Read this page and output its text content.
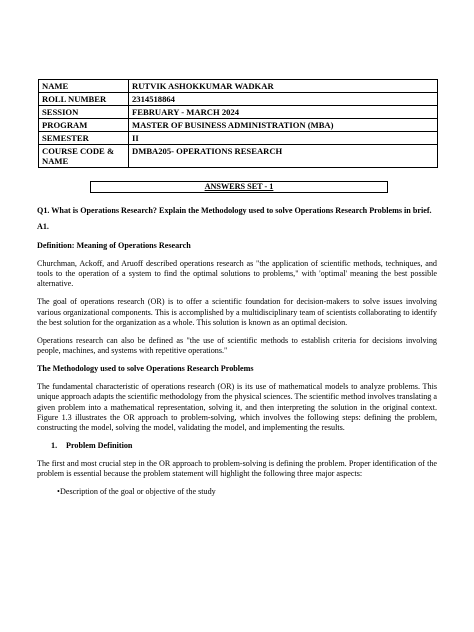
NAME	RUTVIK ASHOKKUMAR WADKAR
ROLL NUMBER	2314518864
SESSION	FEBRUARY - MARCH 2024
PROGRAM	MASTER OF BUSINESS ADMINISTRATION (MBA)
SEMESTER	II
COURSE CODE & NAME	DMBA205- OPERATIONS RESEARCH
ANSWERS SET - 1

Q1. What is Operations Research? Explain the Methodology used to solve Operations Research Problems in brief.

A1.

Definition: Meaning of Operations Research

Churchman, Ackoff, and Aruoff described operations research as "the application of scientific methods, techniques, and tools to the operation of a system to find the optimal solutions to problems," with 'optimal' meaning the best possible alternative.

The goal of operations research (OR) is to offer a scientific foundation for decision-makers to solve issues involving various organizational components. This is accomplished by a multidisciplinary team of scientists collaborating to identify the best solution for the organization as a whole. This solution is known as an optimal decision.

Operations research can also be defined as "the use of scientific methods to establish criteria for decisions involving people, machines, and systems with repetitive operations."

The Methodology used to solve Operations Research Problems

The fundamental characteristic of operations research (OR) is its use of mathematical models to analyze problems. This unique approach adapts the scientific methodology from the physical sciences. The scientific method involves translating a given problem into a mathematical representation, solving it, and then interpreting the solution in the original context. Figure 1.3 illustrates the OR approach to problem-solving, which involves the following steps: defining the problem, constructing the model, solving the model, validating the model, and implementing the results.

1.	Problem Definition

The first and most crucial step in the OR approach to problem-solving is defining the problem. Proper identification of the problem is essential because the problem statement will highlight the following three major aspects:

• Description of the goal or objective of the study
